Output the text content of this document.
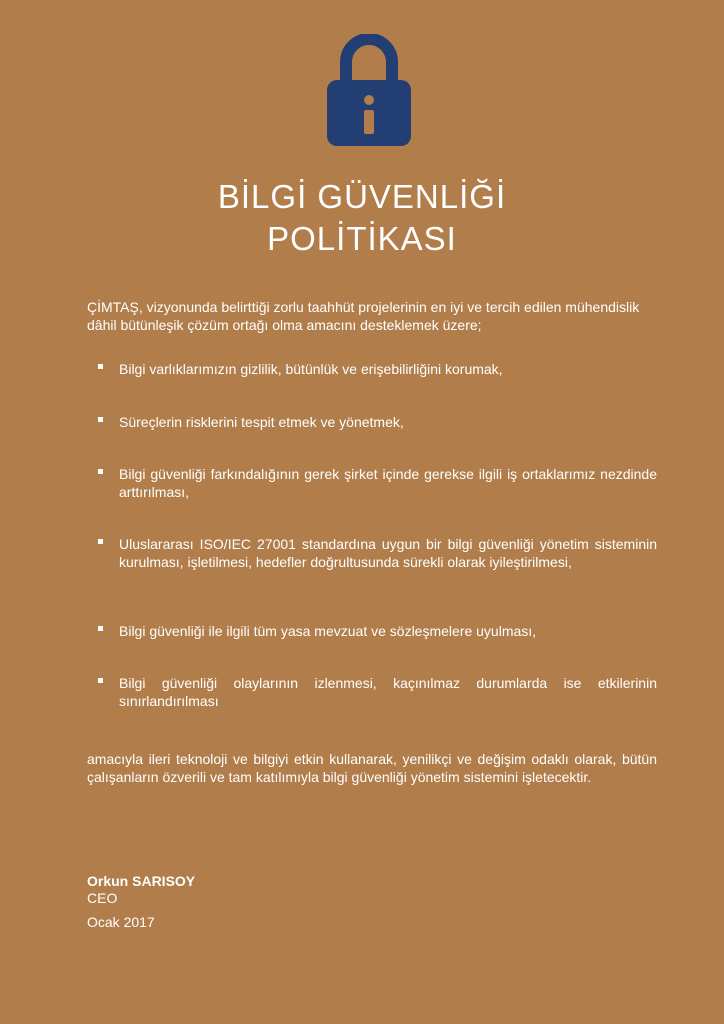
BİLGİ GÜVENLİĞİ
POLİTİKASI
ÇİMTAŞ, vizyonunda belirttiği zorlu taahhüt projelerinin en iyi ve tercih edilen mühendislik dâhil bütünleşik çözüm ortağı olma amacını desteklemek üzere;
Bilgi varlıklarımızın gizlilik, bütünlük ve erişebilirliğini korumak,
Süreçlerin risklerini tespit etmek ve yönetmek,
Bilgi güvenliği farkındalığının gerek şirket içinde gerekse ilgili iş ortaklarımız nezdinde arttırılması,
Uluslararası ISO/IEC 27001 standardına uygun bir bilgi güvenliği yönetim sisteminin kurulması, işletilmesi, hedefler doğrultusunda sürekli olarak iyileştirilmesi,
Bilgi güvenliği ile ilgili tüm yasa mevzuat ve sözleşmelere uyulması,
Bilgi güvenliği olaylarının izlenmesi, kaçınılmaz durumlarda ise etkilerinin sınırlandırılması
amacıyla ileri teknoloji ve bilgiyi etkin kullanarak, yenilikçi ve değişim odaklı olarak, bütün çalışanların özverili ve tam katılımıyla bilgi güvenliği yönetim sistemini işletecektir.
Orkun SARISOY
CEO
Ocak 2017
